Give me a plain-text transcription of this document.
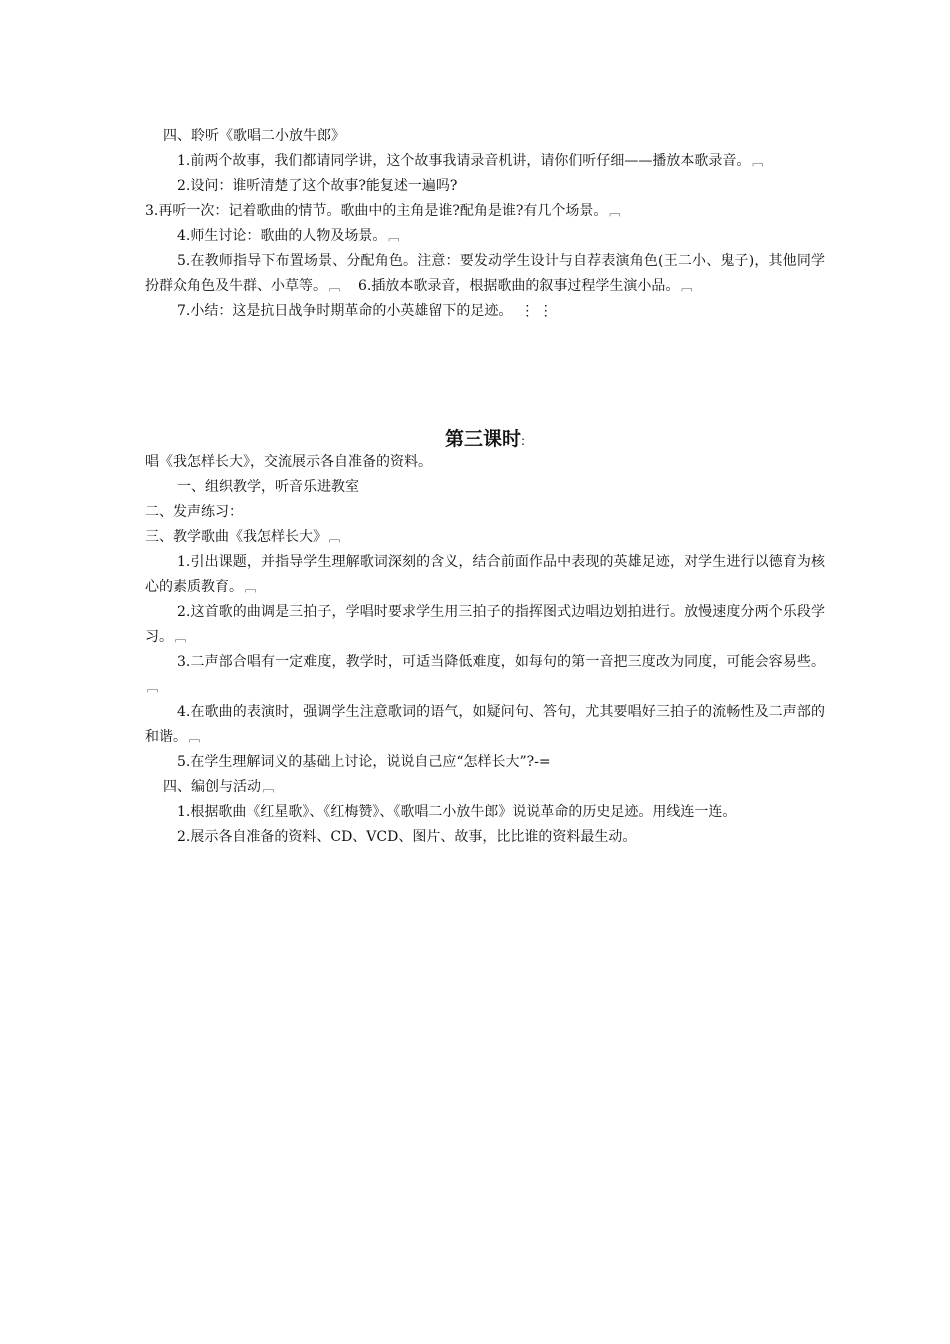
四、聆听《歌唱二小放牛郎》
1.前两个故事，我们都请同学讲，这个故事我请录音机讲，请你们听仔细——播放本歌录音。 ﹇
2.设问：谁听清楚了这个故事?能复述一遍吗?
3.再听一次：记着歌曲的情节。歌曲中的主角是谁?配角是谁?有几个场景。 ﹇
4.师生讨论：歌曲的人物及场景。 ﹇
5.在教师指导下布置场景、分配角色。注意：要发动学生设计与自荐表演角色(王二小、鬼子)，其他同学扮群众角色及牛群、小草等。 ﹇ 6.插放本歌录音，根据歌曲的叙事过程学生演小品。 ﹇
7.小结：这是抗日战争时期革命的小英雄留下的足迹。 ⋮ ⋮
第三课时:
唱《我怎样长大》，交流展示各自准备的资料。
一、组织教学，听音乐进教室
二、发声练习：
三、教学歌曲《我怎样长大》 ﹇
1.引出课题，并指导学生理解歌词深刻的含义，结合前面作品中表现的英雄足迹，对学生进行以德育为核心的素质教育。 ﹇
2.这首歌的曲调是三拍子，学唱时要求学生用三拍子的指挥图式边唱边划拍进行。放慢速度分两个乐段学习。 ﹇
3.二声部合唱有一定难度，教学时，可适当降低难度，如每句的第一音把三度改为同度，可能会容易些。﹇
4.在歌曲的表演时，强调学生注意歌词的语气，如疑问句、答句，尤其要唱好三拍子的流畅性及二声部的和谐。 ﹇
5.在学生理解词义的基础上讨论，说说自己应“怎样长大”?-=
四、编创与活动 ﹇
1.根据歌曲《红星歌》、《红梅赞》、《歌唱二小放牛郎》说说革命的历史足迹。用线连一连。
2.展示各自准备的资料、CD、VCD、图片、故事，比比谁的资料最生动。
